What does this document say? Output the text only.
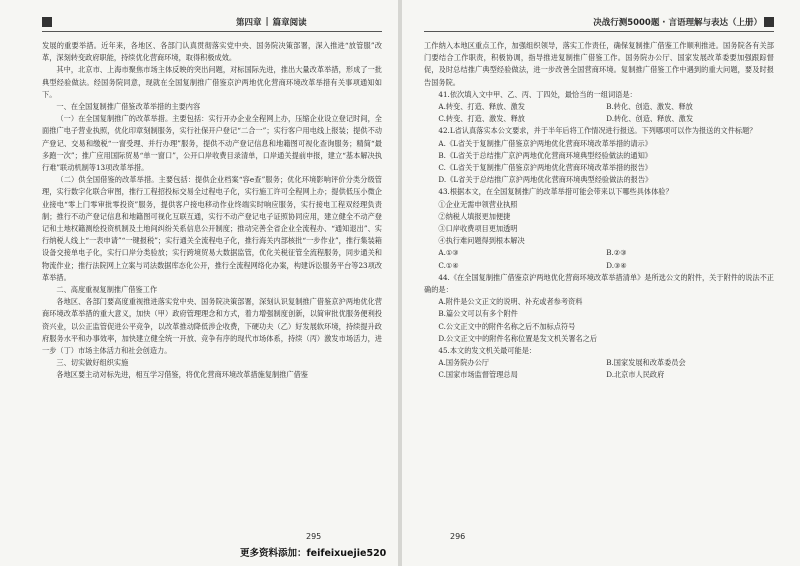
第四章 | 篇章阅读

发展的重要举措。近年来，各地区、各部门认真贯彻落实党中央、国务院决策部署，深入推进“放管服”改革，深刻转变政府职能，持续优化营商环境，取得积极成效。

其中，北京市、上海市聚焦市场主体反映的突出问题，对标国际先进，推出大量改革举措，形成了一批典型经验做法。经国务院同意，现就在全国复制推广借鉴京沪两地优化营商环境改革举措有关事项通知如下。

一、在全国复制推广借鉴改革举措的主要内容

（一）在全国复制推广的改革举措。主要包括：实行开办企业全程网上办，压缩企业设立登记时间，全面推广电子营业执照，优化印章刻制服务，实行社保开户登记“二合一”；实行客户用电线上报装；提供不动产登记、交易和缴税“一窗受理、并行办理”服务，提供不动产登记信息和地籍图可视化查询服务；精简“最多跑一次”；推广应用国际贸易“单一窗口”，公开口岸收费目录清单，口岸通关提前申报，建立“基本解决执行难”联动机制等13项改革举措。

（二）供全国借鉴的改革举措。主要包括：提供企业档案“容e查”服务；优化环境影响评价分类分级管理，实行数字化联合审图，推行工程招投标交易全过程电子化，实行施工许可全程网上办；提供低压小微企业接电“零上门零审批零投资”服务，提供客户接电移动作业终端实时响应服务，实行接电工程双经理负责制；推行不动产登记信息和地籍图可视化互联互通，实行不动产登记电子证照协同应用，建立健全不动产登记和土地权籍测绘投资机制及土地间纠纷关系信息公开制度；推动完善全省企业全流程办、“通知退出”、实行纳税人线上“一表申请”“一键报税”；实行通关全流程电子化，推行海关内部核批“一步作业”，推行集装箱设备交接单电子化，实行口岸分类验放；实行跨境贸易大数据监管，优化关税征管全流程服务，同步通关和物流作业；推行法院网上立案与司法数据库态化公开，推行全流程网络化办案，构建诉讼服务平台等23项改革举措。

二、高度重视复制推广借鉴工作

各地区、各部门要高度重视推进落实党中央、国务院决策部署，深刻认识复制推广借鉴京沪两地优化营商环境改革举措的重大意义，加快（甲）政府管理理念和方式，着力增强制度创新，以简审批优服务便利投资兴业，以公正监管促进公平竞争，以改革推动降低涉企收费，下硬功夫（乙）好发展软环境，持续提升政府服务水平和办事效率，加快建立健全统一开放、竞争有序的现代市场体系，持续（丙）激发市场活力，进一步（丁）市场主体活力和社会创造力。

三、切实做好组织实施

各地区要主动对标先进，相互学习借鉴，将优化营商环境改革措施复制推广借鉴

295
决战行测5000题 · 言语理解与表达（上册）

工作纳入本地区重点工作，加强组织领导，落实工作责任，确保复制推广借鉴工作顺利推进。国务院各有关部门要结合工作职责，积极协调，指导推进复制推广借鉴工作。国务院办公厅、国家发展改革委要加强跟踪督促，及时总结推广典型经验做法，进一步改善全国营商环境。复制推广借鉴工作中遇到的重大问题，要及时报告国务院。

41.依次填入文中甲、乙、丙、丁四处，最恰当的一组词语是：

A.转变、打造、释放、激发	B.转化、创造、激发、释放
C.转变、打造、激发、释放	D.转化、创造、释放、激发

42.L省认真落实本公文要求，并于半年后将工作情况进行报送。下列哪项可以作为报送的文件标题？

A.《L省关于复制推广借鉴京沪两地优化营商环境改革举措的请示》

B.《L省关于总结推广京沪两地优化营商环境典型经验做法的通知》

C.《L省关于复制推广借鉴京沪两地优化营商环境改革举措的报告》

D.《L省关于总结推广京沪两地优化营商环境典型经验做法的报告》

43.根据本文，在全国复制推广的改革举措可能会带来以下哪些具体体验？

①企业无需申领营业执照

②纳税人填报更加便捷

③口岸收费项目更加透明

④执行难问题得到根本解决

A.①③	B.②③
C.①④	D.③④

44.《在全国复制推广借鉴京沪两地优化营商环境改革举措清单》是所选公文的附件，关于附件的说法不正确的是：

A.附件是公文正文的说明、补充或者参考资料

B.篇公文可以有多个附件

C.公文正文中的附件名称之后不加标点符号

D.公文正文中的附件名称位置是发文机关署名之后

45.本文的发文机关最可能是：

A.国务院办公厅	B.国家发展和改革委员会
C.国家市场监督管理总局	D.北京市人民政府
296
更多资料添加：feifeixuejie520
